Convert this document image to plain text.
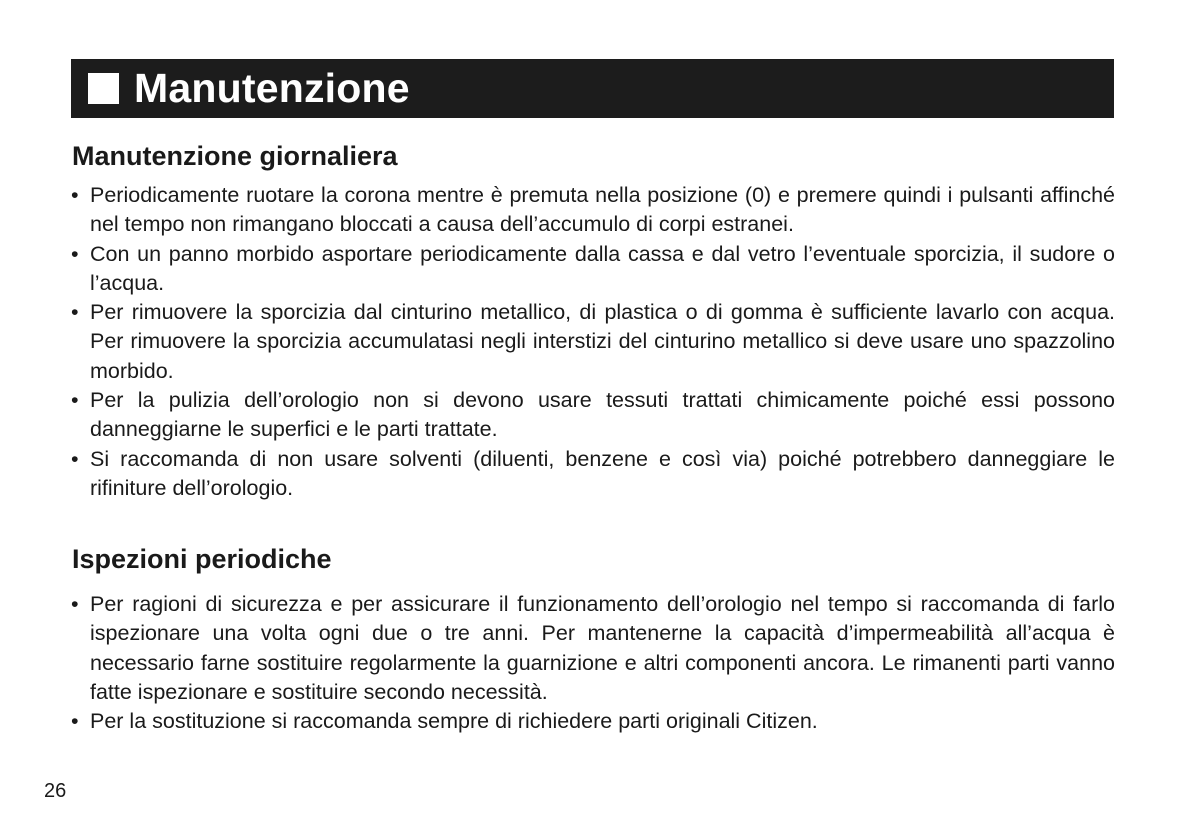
Manutenzione
Manutenzione giornaliera
• Periodicamente ruotare la corona mentre è premuta nella posizione (0) e premere quindi i pulsanti affinché nel tempo non rimangano bloccati a causa dell’accumulo di corpi estranei.
• Con un panno morbido asportare periodicamente dalla cassa e dal vetro l’eventuale sporcizia, il sudore o l’acqua.
• Per rimuovere la sporcizia dal cinturino metallico, di plastica o di gomma è sufficiente lavarlo con acqua. Per rimuovere la sporcizia accumulatasi negli interstizi del cinturino metallico si deve usare uno spazzolino morbido.
• Per la pulizia dell’orologio non si devono usare tessuti trattati chimicamente poiché essi possono danneggiarne le superfici e le parti trattate.
• Si raccomanda di non usare solventi (diluenti, benzene e così via) poiché potrebbero danneggiare le rifiniture dell’orologio.
Ispezioni periodiche
• Per ragioni di sicurezza e per assicurare il funzionamento dell’orologio nel tempo si raccomanda di farlo ispezionare una volta ogni due o tre anni. Per mantenerne la capacità d’impermeabilità all’acqua è necessario farne sostituire regolarmente la guarnizione e altri componenti ancora. Le rimanenti parti vanno fatte ispezionare e sostituire secondo necessità.
• Per la sostituzione si raccomanda sempre di richiedere parti originali Citizen.
26
